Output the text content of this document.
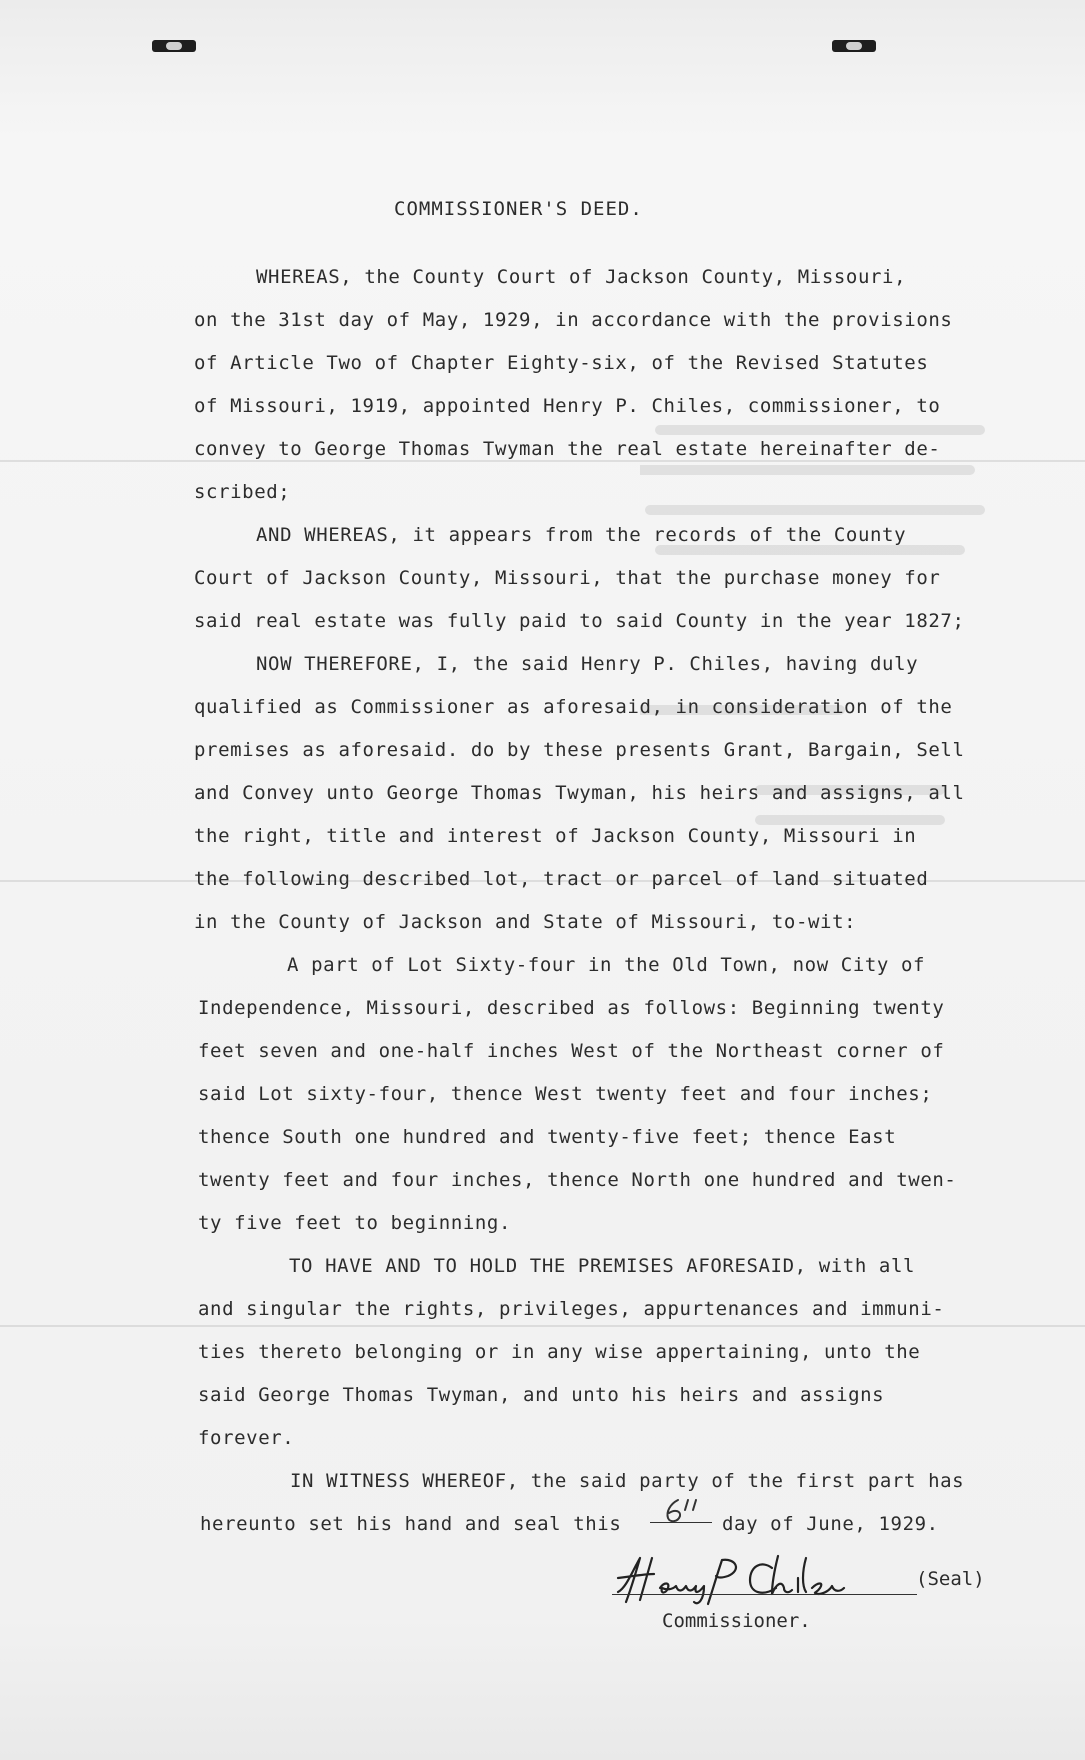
COMMISSIONER'S DEED.
WHEREAS, the County Court of Jackson County, Missouri,
on the 31st day of May, 1929, in accordance with the provisions
of Article Two of Chapter Eighty-six, of the Revised Statutes
of Missouri, 1919, appointed Henry P. Chiles, commissioner, to
convey to George Thomas Twyman the real estate hereinafter de-
scribed;
AND WHEREAS, it appears from the records of the County
Court of Jackson County, Missouri, that the purchase money for
said real estate was fully paid to said County in the year 1827;
NOW THEREFORE, I, the said Henry P. Chiles, having duly
qualified as Commissioner as aforesaid, in consideration of the
premises as aforesaid. do by these presents Grant, Bargain, Sell
and Convey unto George Thomas Twyman, his heirs and assigns, all
the right, title and interest of Jackson County, Missouri in
the following described lot, tract or parcel of land situated
in the County of Jackson and State of Missouri, to-wit:
A part of Lot Sixty-four in the Old Town, now City of
Independence, Missouri, described as follows: Beginning twenty
feet seven and one-half inches West of the Northeast corner of
said Lot sixty-four, thence West twenty feet and four inches;
thence South one hundred and twenty-five feet; thence East
twenty feet and four inches, thence North one hundred and twen-
ty five feet to beginning.
TO HAVE AND TO HOLD THE PREMISES AFORESAID, with all
and singular the rights, privileges, appurtenances and immuni-
ties thereto belonging or in any wise appertaining, unto the
said George Thomas Twyman, and unto his heirs and assigns
forever.
IN WITNESS WHEREOF, the said party of the first part has
hereunto set his hand and seal this	day of June, 1929.
(Seal)
Commissioner.
